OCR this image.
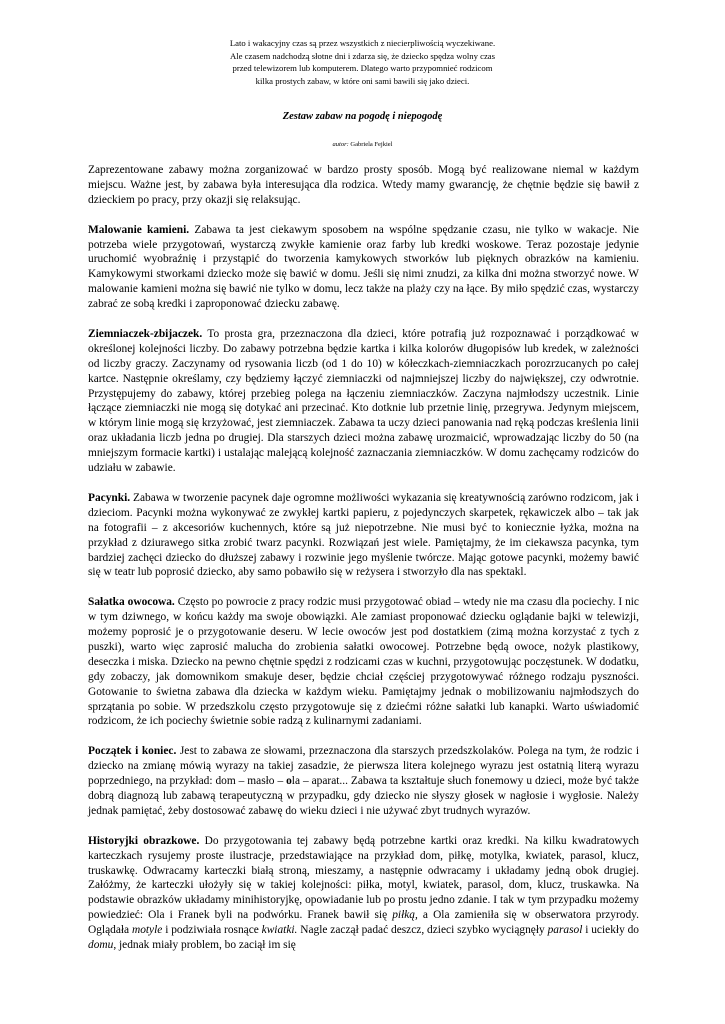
Lato i wakacyjny czas są przez wszystkich z niecierpliwością wyczekiwane. Ale czasem nadchodzą słotne dni i zdarza się, że dziecko spędza wolny czas przed telewizorem lub komputerem. Dlatego warto przypomnieć rodzicom kilka prostych zabaw, w które oni sami bawili się jako dzieci.
Zestaw zabaw na pogodę i niepogodę
autor: Gabriela Fejkiel

Zaprezentowane zabawy można zorganizować w bardzo prosty sposób. Mogą być realizowane niemal w każdym miejscu. Ważne jest, by zabawa była interesująca dla rodzica. Wtedy mamy gwarancję, że chętnie będzie się bawił z dzieckiem po pracy, przy okazji się relaksując.

Malowanie kamieni. Zabawa ta jest ciekawym sposobem na wspólne spędzanie czasu, nie tylko w wakacje. Nie potrzeba wiele przygotowań, wystarczą zwykłe kamienie oraz farby lub kredki woskowe. Teraz pozostaje jedynie uruchomić wyobraźnię i przystąpić do tworzenia kamykowych stworków lub pięknych obrazków na kamieniu. Kamykowymi stworkami dziecko może się bawić w domu. Jeśli się nimi znudzi, za kilka dni można stworzyć nowe. W malowanie kamieni można się bawić nie tylko w domu, lecz także na plaży czy na łące. By miło spędzić czas, wystarczy zabrać ze sobą kredki i zaproponować dziecku zabawę.

Ziemniaczek-zbijaczek. To prosta gra, przeznaczona dla dzieci, które potrafią już rozpoznawać i porządkować w określonej kolejności liczby. Do zabawy potrzebna będzie kartka i kilka kolorów długopisów lub kredek, w zależności od liczby graczy. Zaczynamy od rysowania liczb (od 1 do 10) w kółeczkach-ziemniaczkach porozrzucanych po całej kartce. Następnie określamy, czy będziemy łączyć ziemniaczki od najmniejszej liczby do największej, czy odwrotnie. Przystępujemy do zabawy, której przebieg polega na łączeniu ziemniaczków. Zaczyna najmłodszy uczestnik. Linie łączące ziemniaczki nie mogą się dotykać ani przecinać. Kto dotknie lub przetnie linię, przegrywa. Jedynym miejscem, w którym linie mogą się krzyżować, jest ziemniaczek. Zabawa ta uczy dzieci panowania nad ręką podczas kreślenia linii oraz układania liczb jedna po drugiej. Dla starszych dzieci można zabawę urozmaicić, wprowadzając liczby do 50 (na mniejszym formacie kartki) i ustalając malejącą kolejność zaznaczania ziemniaczków. W domu zachęcamy rodziców do udziału w zabawie.

Pacynki. Zabawa w tworzenie pacynek daje ogromne możliwości wykazania się kreatywnością zarówno rodzicom, jak i dzieciom. Pacynki można wykonywać ze zwykłej kartki papieru, z pojedynczych skarpetek, rękawiczek albo – tak jak na fotografii – z akcesoriów kuchennych, które są już niepotrzebne. Nie musi być to koniecznie łyżka, można na przykład z dziurawego sitka zrobić twarz pacynki. Rozwiązań jest wiele. Pamiętajmy, że im ciekawsza pacynka, tym bardziej zachęci dziecko do dłuższej zabawy i rozwinie jego myślenie twórcze. Mając gotowe pacynki, możemy bawić się w teatr lub poprosić dziecko, aby samo pobawiło się w reżysera i stworzyło dla nas spektakl.

Sałatka owocowa. Często po powrocie z pracy rodzic musi przygotować obiad – wtedy nie ma czasu dla pociechy. I nic w tym dziwnego, w końcu każdy ma swoje obowiązki. Ale zamiast proponować dziecku oglądanie bajki w telewizji, możemy poprosić je o przygotowanie deseru. W lecie owoców jest pod dostatkiem (zimą można korzystać z tych z puszki), warto więc zaprosić malucha do zrobienia sałatki owocowej. Potrzebne będą owoce, nożyk plastikowy, deseczka i miska. Dziecko na pewno chętnie spędzi z rodzicami czas w kuchni, przygotowując poczęstunek. W dodatku, gdy zobaczy, jak domownikom smakuje deser, będzie chciał częściej przygotowywać różnego rodzaju pyszności. Gotowanie to świetna zabawa dla dziecka w każdym wieku. Pamiętajmy jednak o mobilizowaniu najmłodszych do sprzątania po sobie. W przedszkolu często przygotowuje się z dziećmi różne sałatki lub kanapki. Warto uświadomić rodzicom, że ich pociechy świetnie sobie radzą z kulinarnymi zadaniami.

Początek i koniec. Jest to zabawa ze słowami, przeznaczona dla starszych przedszkolaków. Polega na tym, że rodzic i dziecko na zmianę mówią wyrazy na takiej zasadzie, że pierwsza litera kolejnego wyrazu jest ostatnią literą wyrazu poprzedniego, na przykład: dom – masło – ola – aparat... Zabawa ta kształtuje słuch fonemowy u dzieci, może być także dobrą diagnozą lub zabawą terapeutyczną w przypadku, gdy dziecko nie słyszy głosek w nagłosie i wygłosie. Należy jednak pamiętać, żeby dostosować zabawę do wieku dzieci i nie używać zbyt trudnych wyrazów.

Historyjki obrazkowe. Do przygotowania tej zabawy będą potrzebne kartki oraz kredki. Na kilku kwadratowych karteczkach rysujemy proste ilustracje, przedstawiające na przykład dom, piłkę, motylka, kwiatek, parasol, klucz, truskawkę. Odwracamy karteczki białą stroną, mieszamy, a następnie odwracamy i układamy jedną obok drugiej. Załóżmy, że karteczki ułożyły się w takiej kolejności: piłka, motyl, kwiatek, parasol, dom, klucz, truskawka. Na podstawie obrazków układamy minihistoryjkę, opowiadanie lub po prostu jedno zdanie. I tak w tym przypadku możemy powiedzieć: Ola i Franek byli na podwórku. Franek bawił się piłką, a Ola zamieniła się w obserwatora przyrody. Oglądała motyle i podziwiała rosnące kwiatki. Nagle zaczął padać deszcz, dzieci szybko wyciągnęły parasol i uciekły do domu, jednak miały problem, bo zaciął im się
